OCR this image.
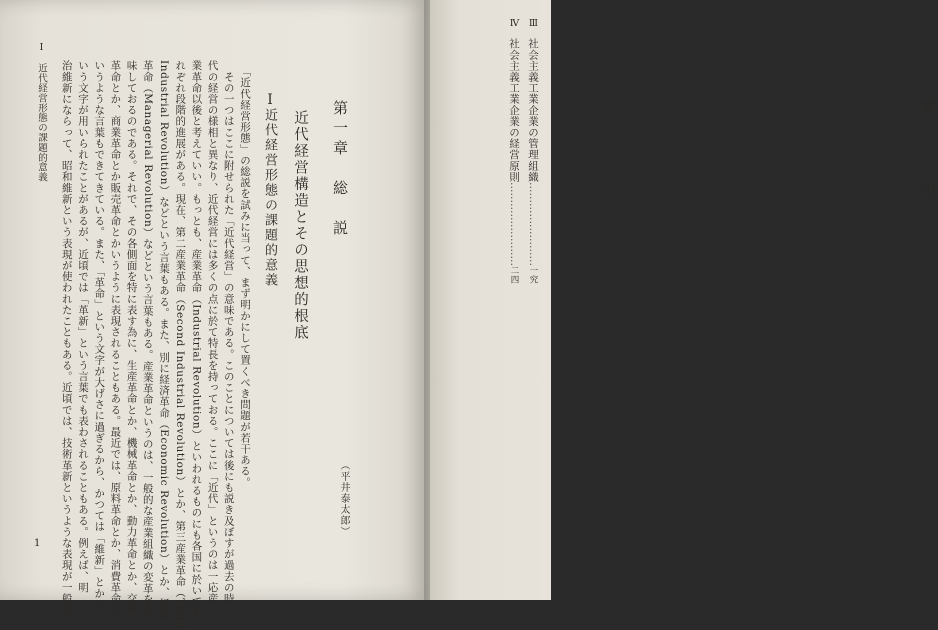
Ⅰ　近代経営形態の課題的意義	　「近代経営形態」の総説を試みに当って、まず明かにして置くべき問題が若干ある。
　その一つはここに附せられた「近代経営」の意味である。このことについては後にも説き及ぼすが過去の時
代の経営の様相と異なり、近代経営には多くの点に於て特長を持っておる。ここに「近代」というのは一応産
業革命以後と考えていい。もっとも、産業革命（Industrial Revolution）といわれるものにも各国に於いてそ
れぞれ段階的進展がある。現在、第二産業革命（Second Industrial Revolution）とか、第三産業革命（Third
Industrial Revolution）などという言葉もある。また、別に経済革命（Economic Revolution）とか、経営
革命（Managerial Revolution）などという言葉もある。産業革命というのは、一般的な産業組織の変革を意
味しておるのである。それで、その各側面を特に表す為に、生産革命とか、機械革命とか、動力革命とか、交通
革命とか、商業革命とか販売革命とかいうように表現されることもある。最近では、原料革命とか、消費革命と
いうような言葉もできてきている。また、「革命」という文字が大げさに過ぎるから、かつては「維新」とかと
いう文字が用いられたことがあるが、近頃では「革新」という言葉でも表わされることもある。例えば、明
治維新にならって、昭和維新という表現が使われたこともある。近頃では、技術革新というような表現が一般的	第一章　総　説
近代経営構造とその思想的根底
Ⅰ
近代経営形態の課題的意義
（平井泰太郎）
1
索　　引
Ⅲ社会主義工業企業の管理組織……………………一究
Ⅳ社会主義工業企業の経営原則……………………二四
